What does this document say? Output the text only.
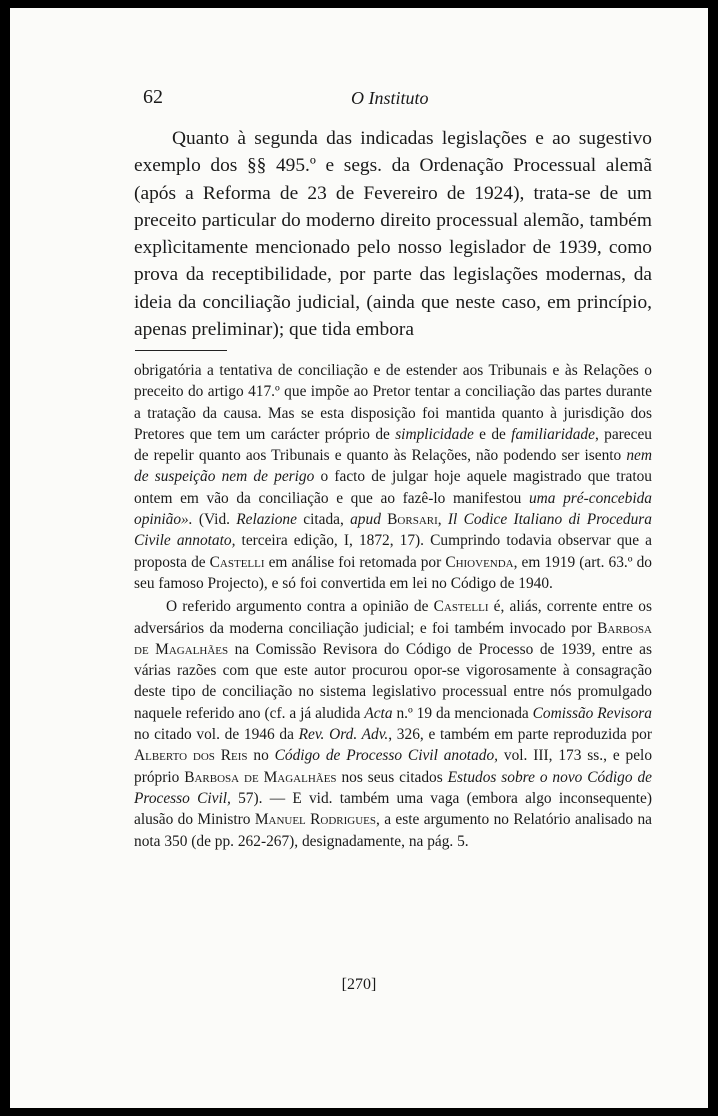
62	O Instituto

Quanto à segunda das indicadas legislações e ao sugestivo exemplo dos §§ 495.º e segs. da Ordenação Processual alemã (após a Reforma de 23 de Fevereiro de 1924), trata-se de um preceito particular do moderno direito processual alemão, também explìcitamente mencionado pelo nosso legislador de 1939, como prova da receptibilidade, por parte das legislações modernas, da ideia da conciliação judicial, (ainda que neste caso, em princípio, apenas preliminar); que tida embora

obrigatória a tentativa de conciliação e de estender aos Tribunais e às Relações o preceito do artigo 417.º que impõe ao Pretor tentar a conciliação das partes durante a tratação da causa. Mas se esta disposição foi mantida quanto à jurisdição dos Pretores que tem um carácter próprio de simplicidade e de familiaridade, pareceu de repelir quanto aos Tribunais e quanto às Relações, não podendo ser isento nem de suspeição nem de perigo o facto de julgar hoje aquele magistrado que tratou ontem em vão da conciliação e que ao fazê-lo manifestou uma pré-concebida opinião». (Vid. Relazione citada, apud Borsari, Il Codice Italiano di Procedura Civile annotato, terceira edição, I, 1872, 17). Cumprindo todavia observar que a proposta de Castelli em análise foi retomada por Chiovenda, em 1919 (art. 63.º do seu famoso Projecto), e só foi convertida em lei no Código de 1940.

O referido argumento contra a opinião de Castelli é, aliás, corrente entre os adversários da moderna conciliação judicial; e foi também invocado por Barbosa de Magalhães na Comissão Revisora do Código de Processo de 1939, entre as várias razões com que este autor procurou opor-se vigorosamente à consagração deste tipo de conciliação no sistema legislativo processual entre nós promulgado naquele referido ano (cf. a já aludida Acta n.º 19 da mencionada Comissão Revisora no citado vol. de 1946 da Rev. Ord. Adv., 326, e também em parte reproduzida por Alberto dos Reis no Código de Processo Civil anotado, vol. III, 173 ss., e pelo próprio Barbosa de Magalhães nos seus citados Estudos sobre o novo Código de Processo Civil, 57). — E vid. também uma vaga (embora algo inconsequente) alusão do Ministro Manuel Rodrigues, a este argumento no Relatório analisado na nota 350 (de pp. 262-267), designadamente, na pág. 5.

[270]
